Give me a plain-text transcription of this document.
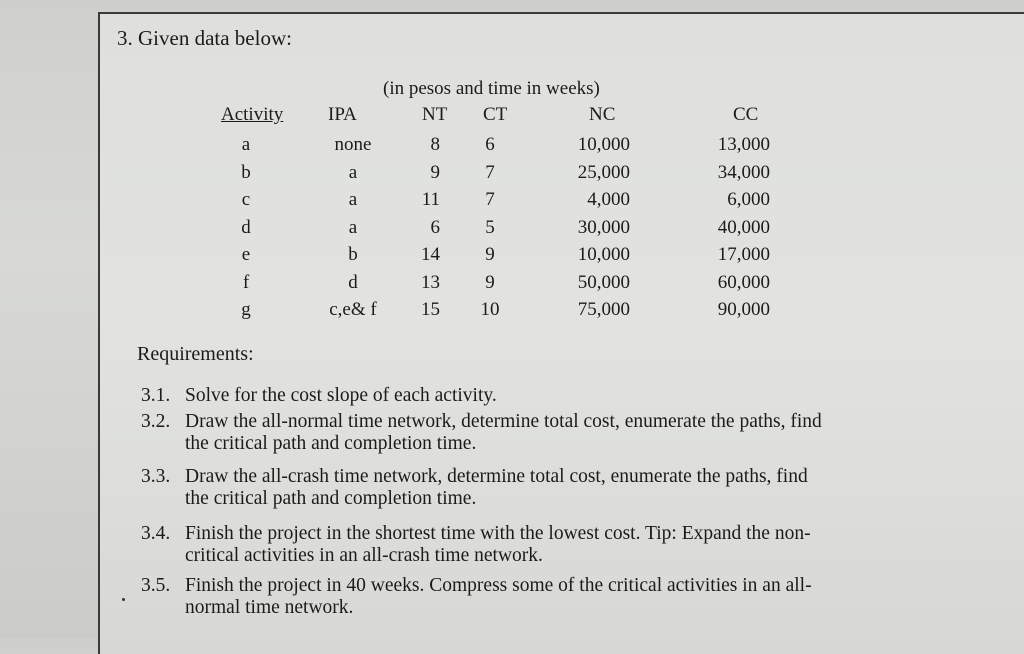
3. Given data below:
(in pesos and time in weeks)
Activity IPA	NT CT	NC	CC
a	none	8	6	10,000	13,000
b	a	9	7	25,000	34,000
c	a	11	7	4,000	6,000
d	a	6	5	30,000	40,000
e	b	14	9	10,000	17,000
f	d	13	9	50,000	60,000
g	c,e& f	15	10	75,000	90,000
Requirements:
3.1. Solve for the cost slope of each activity.
3.2. Draw the all-normal time network, determine total cost, enumerate the paths, find
the critical path and completion time.
3.3. Draw the all-crash time network, determine total cost, enumerate the paths, find
the critical path and completion time.
3.4. Finish the project in the shortest time with the lowest cost. Tip: Expand the non-
critical activities in an all-crash time network.
3.5. Finish the project in 40 weeks. Compress some of the critical activities in an all-
normal time network.
